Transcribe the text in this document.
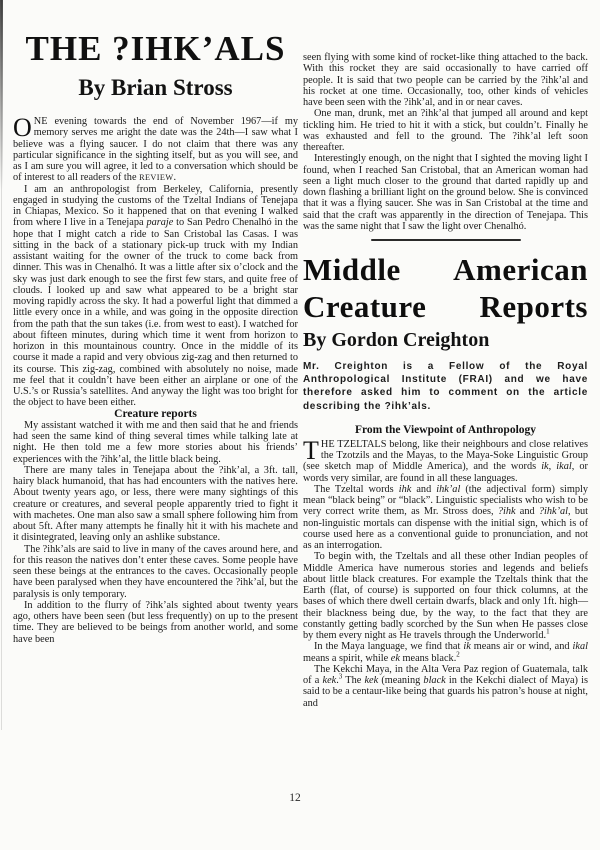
THE ?IHK’ALS
By Brian Stross

ONE evening towards the end of November 1967—if my memory serves me aright the date was the 24th—I saw what I believe was a flying saucer. I do not claim that there was any particular significance in the sighting itself, but as you will see, and as I am sure you will agree, it led to a conversation which should be of interest to all readers of the REVIEW.

I am an anthropologist from Berkeley, California, presently engaged in studying the customs of the Tzeltal Indians of Tenejapa in Chiapas, Mexico. So it happened that on that evening I walked from where I live in a Tenejapa paraje to San Pedro Chenalhó in the hope that I might catch a ride to San Cristobal las Casas. I was sitting in the back of a stationary pick-up truck with my Indian assistant waiting for the owner of the truck to come back from dinner. This was in Chenalhó. It was a little after six o’clock and the sky was just dark enough to see the first few stars, and quite free of clouds. I looked up and saw what appeared to be a bright star moving rapidly across the sky. It had a powerful light that dimmed a little every once in a while, and was going in the opposite direction from the path that the sun takes (i.e. from west to east). I watched for about fifteen minutes, during which time it went from horizon to horizon in this mountainous country. Once in the middle of its course it made a rapid and very obvious zig-zag and then returned to its course. This zig-zag, combined with absolutely no noise, made me feel that it couldn’t have been either an airplane or one of the U.S.’s or Russia’s satellites. And anyway the light was too bright for the object to have been either.

Creature reports

My assistant watched it with me and then said that he and friends had seen the same kind of thing several times while talking late at night. He then told me a few more stories about his friends’ experiences with the ?ihk’al, the little black being.

There are many tales in Tenejapa about the ?ihk’al, a 3ft. tall, hairy black humanoid, that has had encounters with the natives here. About twenty years ago, or less, there were many sightings of this creature or creatures, and several people apparently tried to fight it with machetes. One man also saw a small sphere following him from about 5ft. After many attempts he finally hit it with his machete and it disintegrated, leaving only an ashlike substance.

The ?ihk’als are said to live in many of the caves around here, and for this reason the natives don’t enter these caves. Some people have seen these beings at the entrances to the caves. Occasionally people have been paralysed when they have encountered the ?ihk’al, but the paralysis is only temporary.

In addition to the flurry of ?ihk’als sighted about twenty years ago, others have been seen (but less frequently) on up to the present time. They are believed to be beings from another world, and some have been

seen flying with some kind of rocket-like thing attached to the back. With this rocket they are said occasionally to have carried off people. It is said that two people can be carried by the ?ihk’al and his rocket at one time. Occasionally, too, other kinds of vehicles have been seen with the ?ihk’al, and in or near caves.

One man, drunk, met an ?ihk’al that jumped all around and kept tickling him. He tried to hit it with a stick, but couldn’t. Finally he was exhausted and fell to the ground. The ?ihk’al left soon thereafter.

Interestingly enough, on the night that I sighted the moving light I found, when I reached San Cristobal, that an American woman had seen a light much closer to the ground that darted rapidly up and down flashing a brilliant light on the ground below. She is convinced that it was a flying saucer. She was in San Cristobal at the time and said that the craft was apparently in the direction of Tenejapa. This was the same night that I saw the light over Chenalhó.

Middle American
Creature Reports
By Gordon Creighton
Mr. Creighton is a Fellow of the Royal Anthropological Institute (FRAI) and we have therefore asked him to comment on the article describing the ?ihk’als.
From the Viewpoint of Anthropology

THE TZELTALS belong, like their neighbours and close relatives the Tzotzils and the Mayas, to the Maya-Soke Linguistic Group (see sketch map of Middle America), and the words ik, ikal, or words very similar, are found in all these languages.

The Tzeltal words ihk and ihk’al (the adjectival form) simply mean “black being” or “black”. Linguistic specialists who wish to be very correct write them, as Mr. Stross does, ?ihk and ?ihk’al, but non-linguistic mortals can dispense with the initial sign, which is of course used here as a conventional guide to pronunciation, and not as an interrogation.

To begin with, the Tzeltals and all these other Indian peoples of Middle America have numerous stories and legends and beliefs about little black creatures. For example the Tzeltals think that the Earth (flat, of course) is supported on four thick columns, at the bases of which there dwell certain dwarfs, black and only 1ft. high—their blackness being due, by the way, to the fact that they are constantly getting badly scorched by the Sun when He passes close by them every night as He travels through the Underworld.$^1$

In the Maya language, we find that ik means air or wind, and ikal means a spirit, while ek means black.$^2$

The Kekchi Maya, in the Alta Vera Paz region of Guatemala, talk of a kek.$^3$ The kek (meaning black in the Kekchi dialect of Maya) is said to be a centaur-like being that guards his patron’s house at night, and

12
